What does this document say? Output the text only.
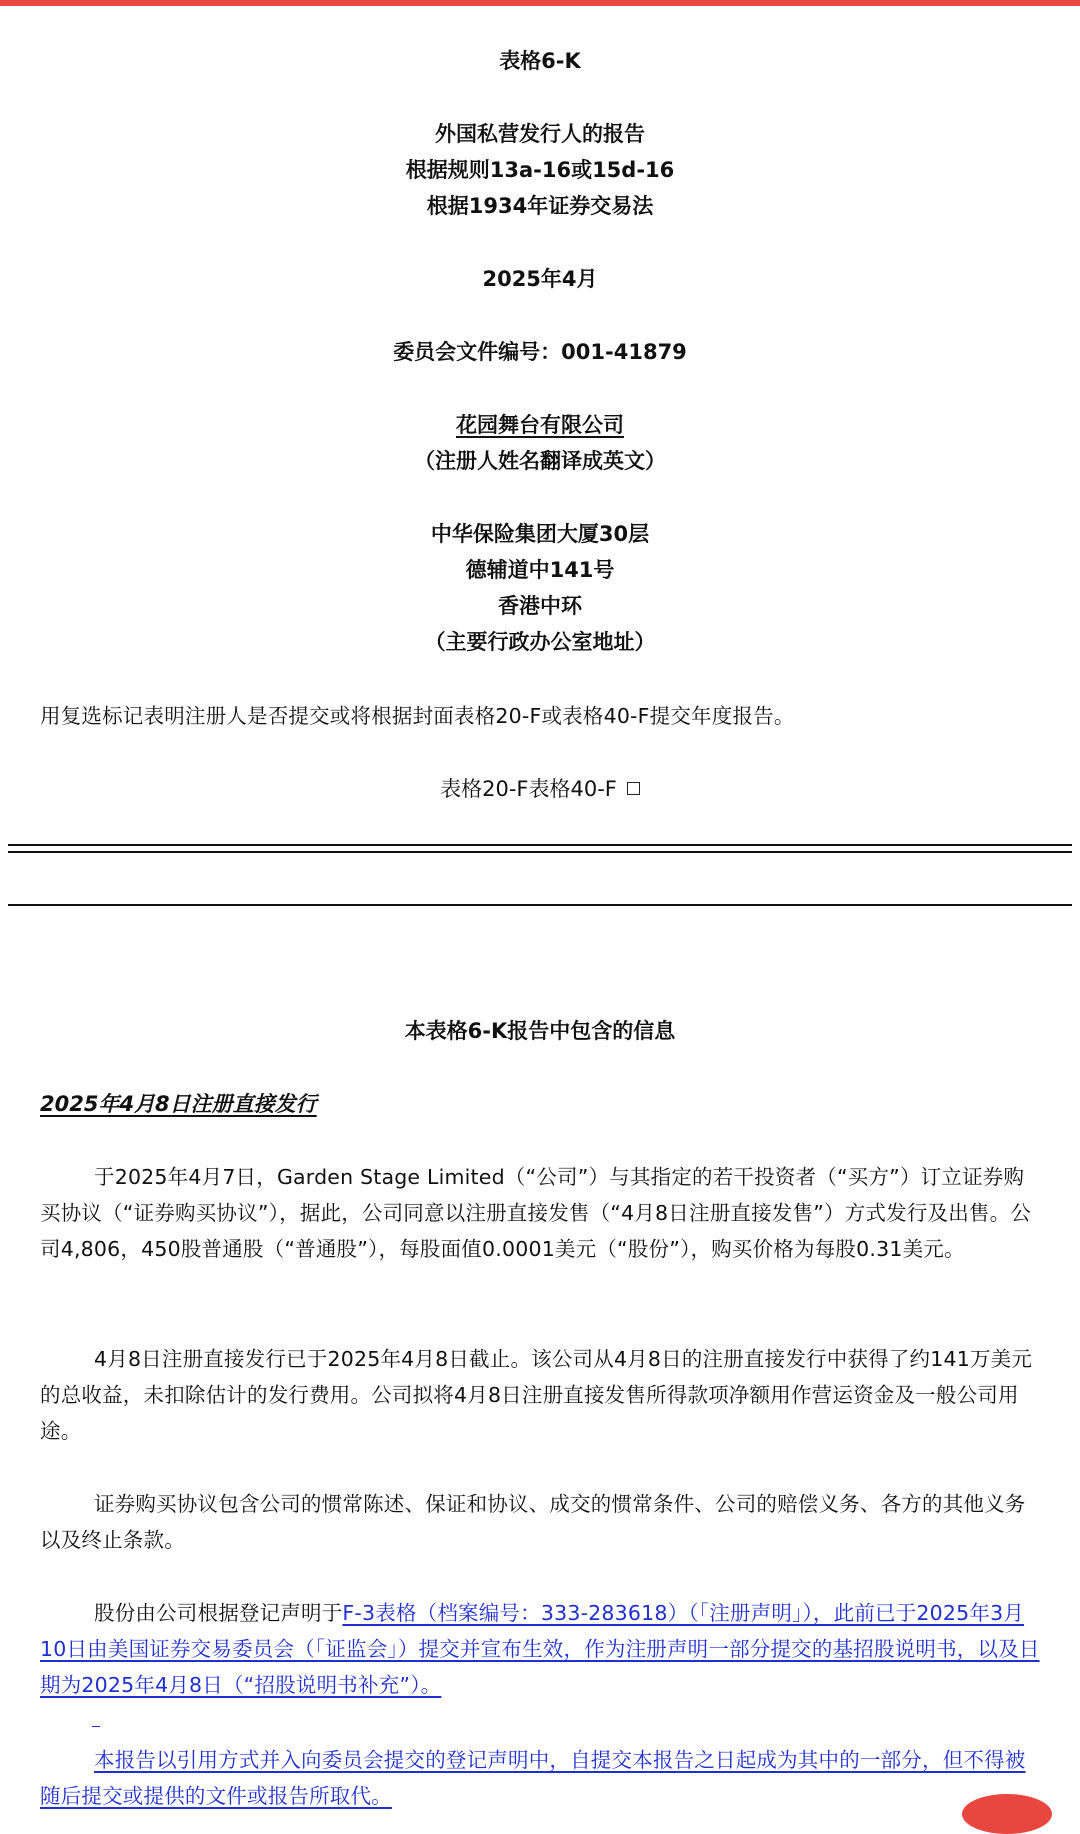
表格6-K
外国私营发行人的报告
根据规则13a-16或15d-16
根据1934年证券交易法
2025年4月
委员会文件编号：001-41879
花园舞台有限公司
（注册人姓名翻译成英文）
中华保险集团大厦30层
德辅道中141号
香港中环
（主要行政办公室地址）
用复选标记表明注册人是否提交或将根据封面表格20-F或表格40-F提交年度报告。
表格20-F表格40-F
本表格6-K报告中包含的信息
2025年4月8日注册直接发行
于2025年4月7日，Garden Stage Limited（“公司”）与其指定的若干投资者（“买方”）订立证券购买协议（“证券购买协议”），据此，公司同意以注册直接发售（“4月8日注册直接发售”）方式发行及出售。公司4,806，450股普通股（“普通股”），每股面值0.0001美元（“股份”），购买价格为每股0.31美元。
4月8日注册直接发行已于2025年4月8日截止。该公司从4月8日的注册直接发行中获得了约141万美元的总收益，未扣除估计的发行费用。公司拟将4月8日注册直接发售所得款项净额用作营运资金及一般公司用途。
证券购买协议包含公司的惯常陈述、保证和协议、成交的惯常条件、公司的赔偿义务、各方的其他义务以及终止条款。
股份由公司根据登记声明于F-3表格（档案编号：333-283618）（「注册声明」），此前已于2025年3月10日由美国证券交易委员会（「证监会」）提交并宣布生效，作为注册声明一部分提交的基招股说明书，以及日期为2025年4月8日（“招股说明书补充”）。
本报告以引用方式并入向委员会提交的登记声明中，自提交本报告之日起成为其中的一部分，但不得被随后提交或提供的文件或报告所取代。
